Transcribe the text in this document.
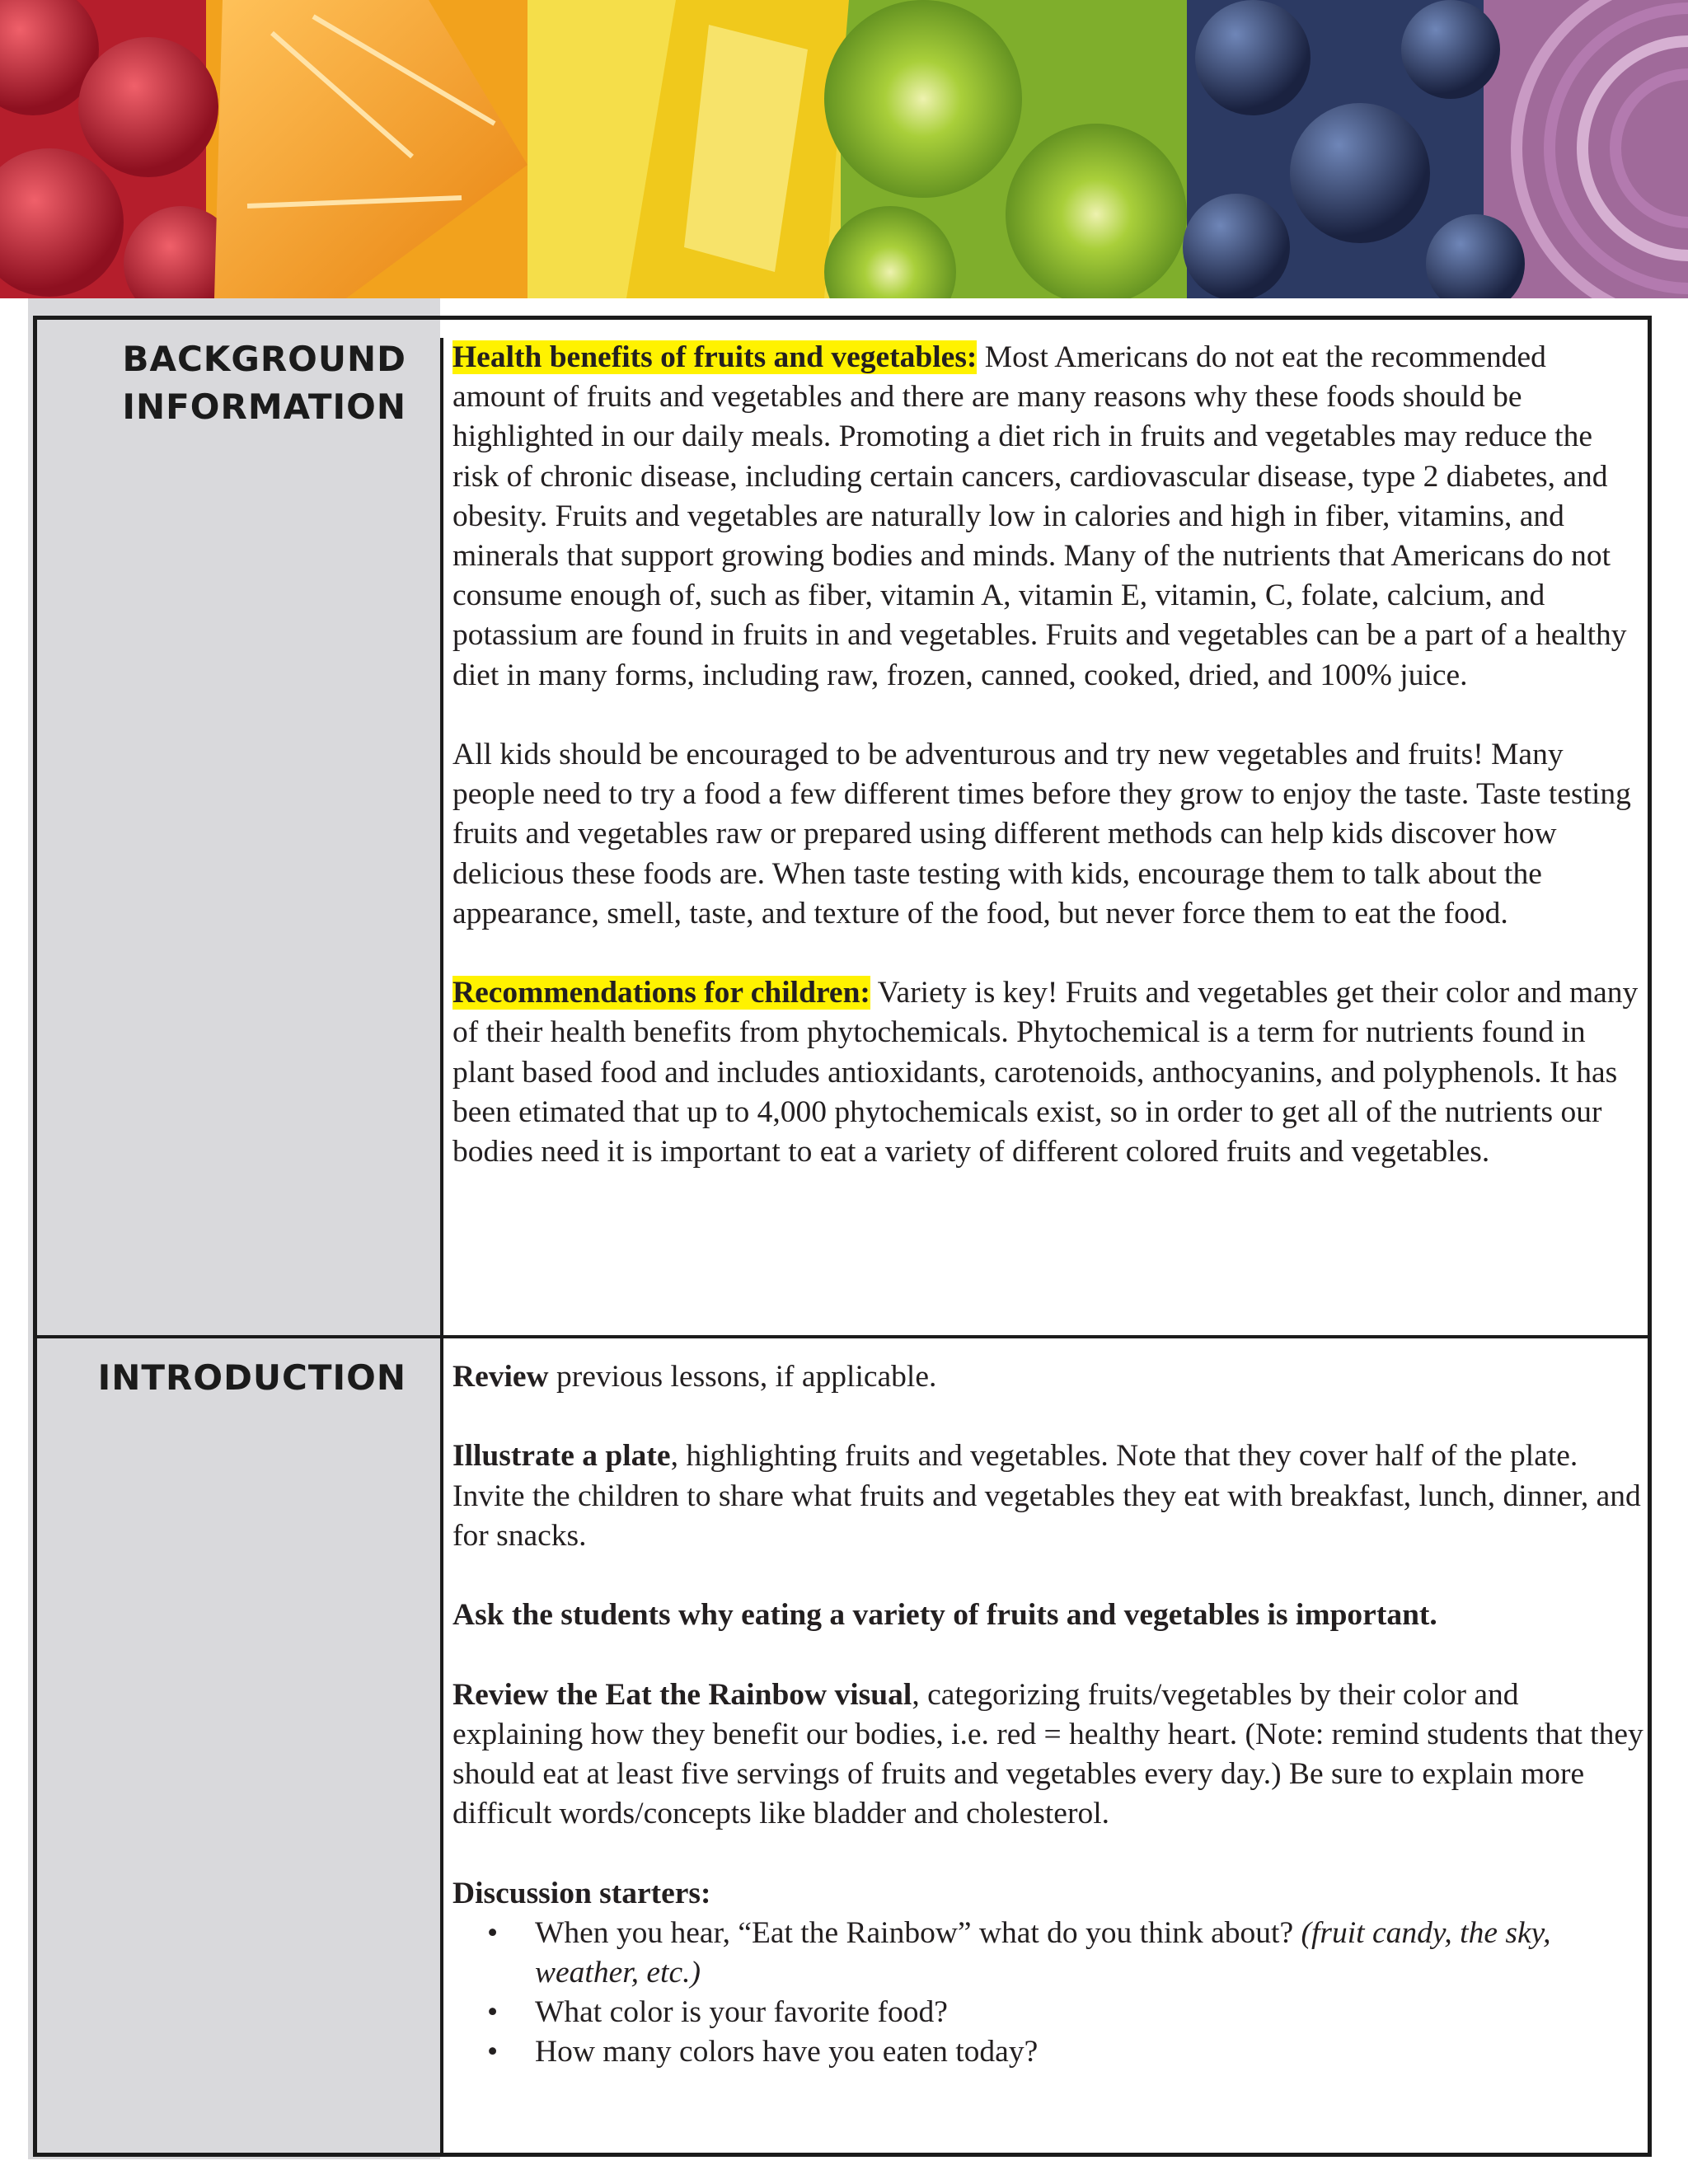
BACKGROUND
INFORMATION

Health benefits of fruits and vegetables: Most Americans do not eat the recommended amount of fruits and vegetables and there are many reasons why these foods should be highlighted in our daily meals. Promoting a diet rich in fruits and vegetables may reduce the risk of chronic disease, including certain cancers, cardiovascular disease, type 2 diabetes, and obesity. Fruits and vegetables are naturally low in calories and high in fiber, vitamins, and minerals that support growing bodies and minds. Many of the nutrients that Americans do not consume enough of, such as fiber, vitamin A, vitamin E, vitamin, C, folate, calcium, and potassium are found in fruits in and vegetables. Fruits and vegetables can be a part of a healthy diet in many forms, including raw, frozen, canned, cooked, dried, and 100% juice.

All kids should be encouraged to be adventurous and try new vegetables and fruits! Many people need to try a food a few different times before they grow to enjoy the taste. Taste testing fruits and vegetables raw or prepared using different methods can help kids discover how delicious these foods are. When taste testing with kids, encourage them to talk about the appearance, smell, taste, and texture of the food, but never force them to eat the food.

Recommendations for children: Variety is key! Fruits and vegetables get their color and many of their health benefits from phytochemicals. Phytochemical is a term for nutrients found in plant based food and includes antioxidants, carotenoids, anthocyanins, and polyphenols. It has been etimated that up to 4,000 phytochemicals exist, so in order to get all of the nutrients our bodies need it is important to eat a variety of different colored fruits and vegetables.

INTRODUCTION Review previous lessons, if applicable.

Illustrate a plate, highlighting fruits and vegetables. Note that they cover half of the plate. Invite the children to share what fruits and vegetables they eat with breakfast, lunch, dinner, and for snacks.

Ask the students why eating a variety of fruits and vegetables is important.

Review the Eat the Rainbow visual, categorizing fruits/vegetables by their color and explaining how they benefit our bodies, i.e. red = healthy heart. (Note: remind students that they should eat at least five servings of fruits and vegetables every day.) Be sure to explain more difficult words/concepts like bladder and cholesterol.

Discussion starters:
• When you hear, “Eat the Rainbow” what do you think about? (fruit candy, the sky, weather, etc.)
• What color is your favorite food?
• How many colors have you eaten today?
